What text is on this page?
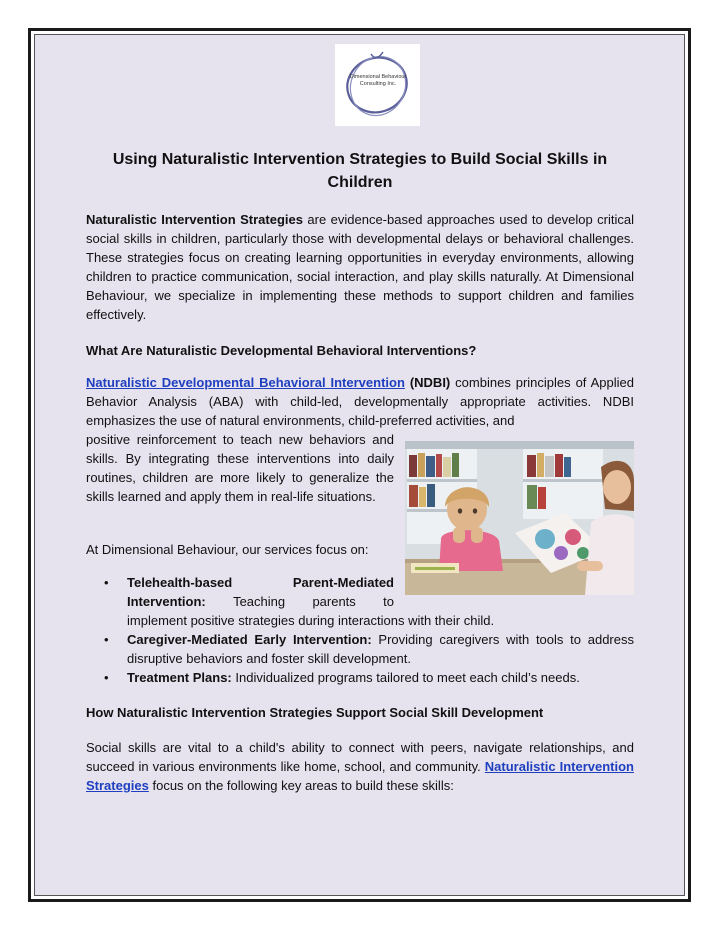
Dimensional Behaviour
Consulting Inc.
Using Naturalistic Intervention Strategies to Build Social Skills in Children

Naturalistic Intervention Strategies are evidence-based approaches used to develop critical social skills in children, particularly those with developmental delays or behavioral challenges. These strategies focus on creating learning opportunities in everyday environments, allowing children to practice communication, social interaction, and play skills naturally. At Dimensional Behaviour, we specialize in implementing these methods to support children and families effectively.

What Are Naturalistic Developmental Behavioral Interventions?

Naturalistic Developmental Behavioral Intervention (NDBI) combines principles of Applied Behavior Analysis (ABA) with child-led, developmentally appropriate activities. NDBI emphasizes the use of natural environments, child-preferred activities, and

positive reinforcement to teach new behaviors and skills. By integrating these interventions into daily routines, children are more likely to generalize the skills learned and apply them in real-life situations.

At Dimensional Behaviour, our services focus on:

• Telehealth-based	Parent-Mediated
Intervention: Teaching parents to
implement positive strategies during interactions with their child.
• Caregiver-Mediated Early Intervention: Providing caregivers with tools to address disruptive behaviors and foster skill development.
• Treatment Plans: Individualized programs tailored to meet each child’s needs.

How Naturalistic Intervention Strategies Support Social Skill Development

Social skills are vital to a child's ability to connect with peers, navigate relationships, and succeed in various environments like home, school, and community. Naturalistic Intervention Strategies focus on the following key areas to build these skills:
